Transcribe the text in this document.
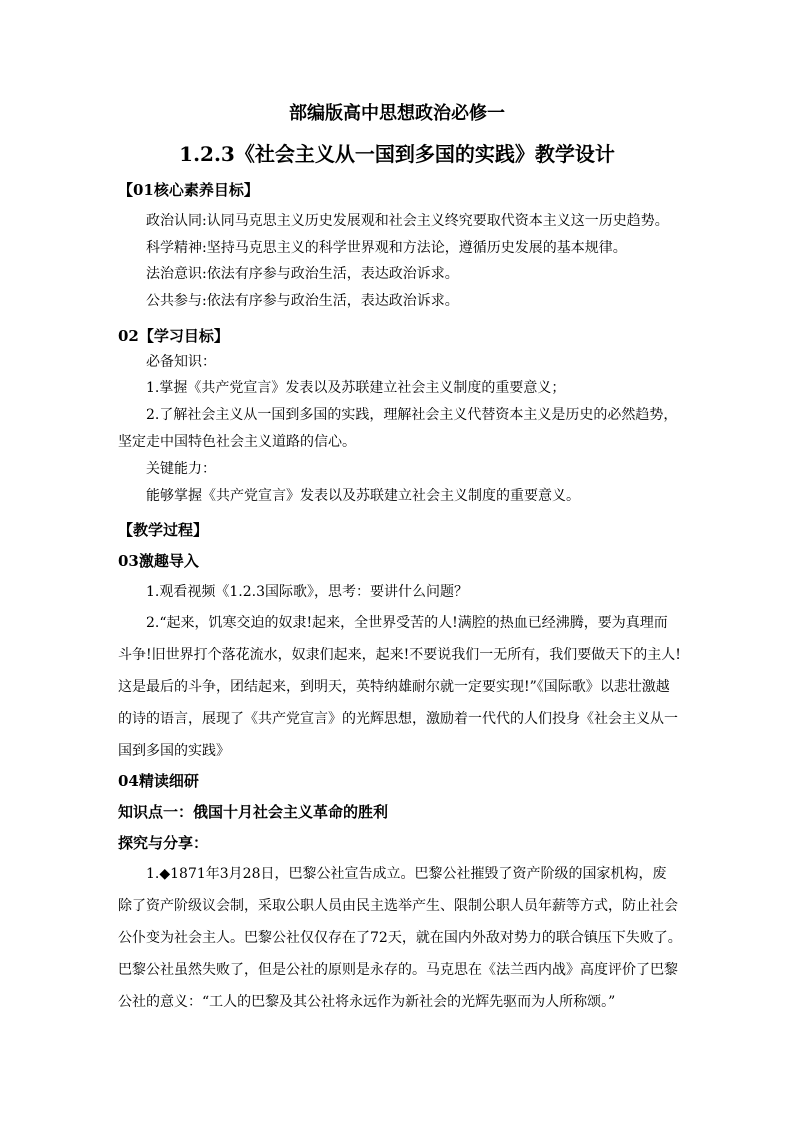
部编版高中思想政治必修一
1.2.3《社会主义从一国到多国的实践》教学设计
【01核心素养目标】
政治认同:认同马克思主义历史发展观和社会主义终究要取代资本主义这一历史趋势。
科学精神:坚持马克思主义的科学世界观和方法论，遵循历史发展的基本规律。
法治意识:依法有序参与政治生活，表达政治诉求。
公共参与:依法有序参与政治生活，表达政治诉求。
02【学习目标】
必备知识：
1.掌握《共产党宣言》发表以及苏联建立社会主义制度的重要意义；
2.了解社会主义从一国到多国的实践，理解社会主义代替资本主义是历史的必然趋势，
坚定走中国特色社会主义道路的信心。
关键能力：
能够掌握《共产党宣言》发表以及苏联建立社会主义制度的重要意义。
【教学过程】
03激趣导入
1.观看视频《1.2.3国际歌》，思考：要讲什么问题？
2.“起来，饥寒交迫的奴隶!起来，全世界受苦的人!满腔的热血已经沸腾，要为真理而
斗争!旧世界打个落花流水，奴隶们起来，起来!不要说我们一无所有，我们要做天下的主人!
这是最后的斗争，团结起来，到明天，英特纳雄耐尔就一定要实现!”《国际歌》以悲壮激越
的诗的语言，展现了《共产党宣言》的光辉思想，激励着一代代的人们投身《社会主义从一
国到多国的实践》
04精读细研
知识点一：俄国十月社会主义革命的胜利
探究与分享：
1.◆1871年3月28日，巴黎公社宣告成立。巴黎公社摧毁了资产阶级的国家机构，废
除了资产阶级议会制，采取公职人员由民主选举产生、限制公职人员年薪等方式，防止社会
公仆变为社会主人。巴黎公社仅仅存在了72天，就在国内外敌对势力的联合镇压下失败了。
巴黎公社虽然失败了，但是公社的原则是永存的。马克思在《法兰西内战》高度评价了巴黎
公社的意义：“工人的巴黎及其公社将永远作为新社会的光辉先驱而为人所称颂。”
